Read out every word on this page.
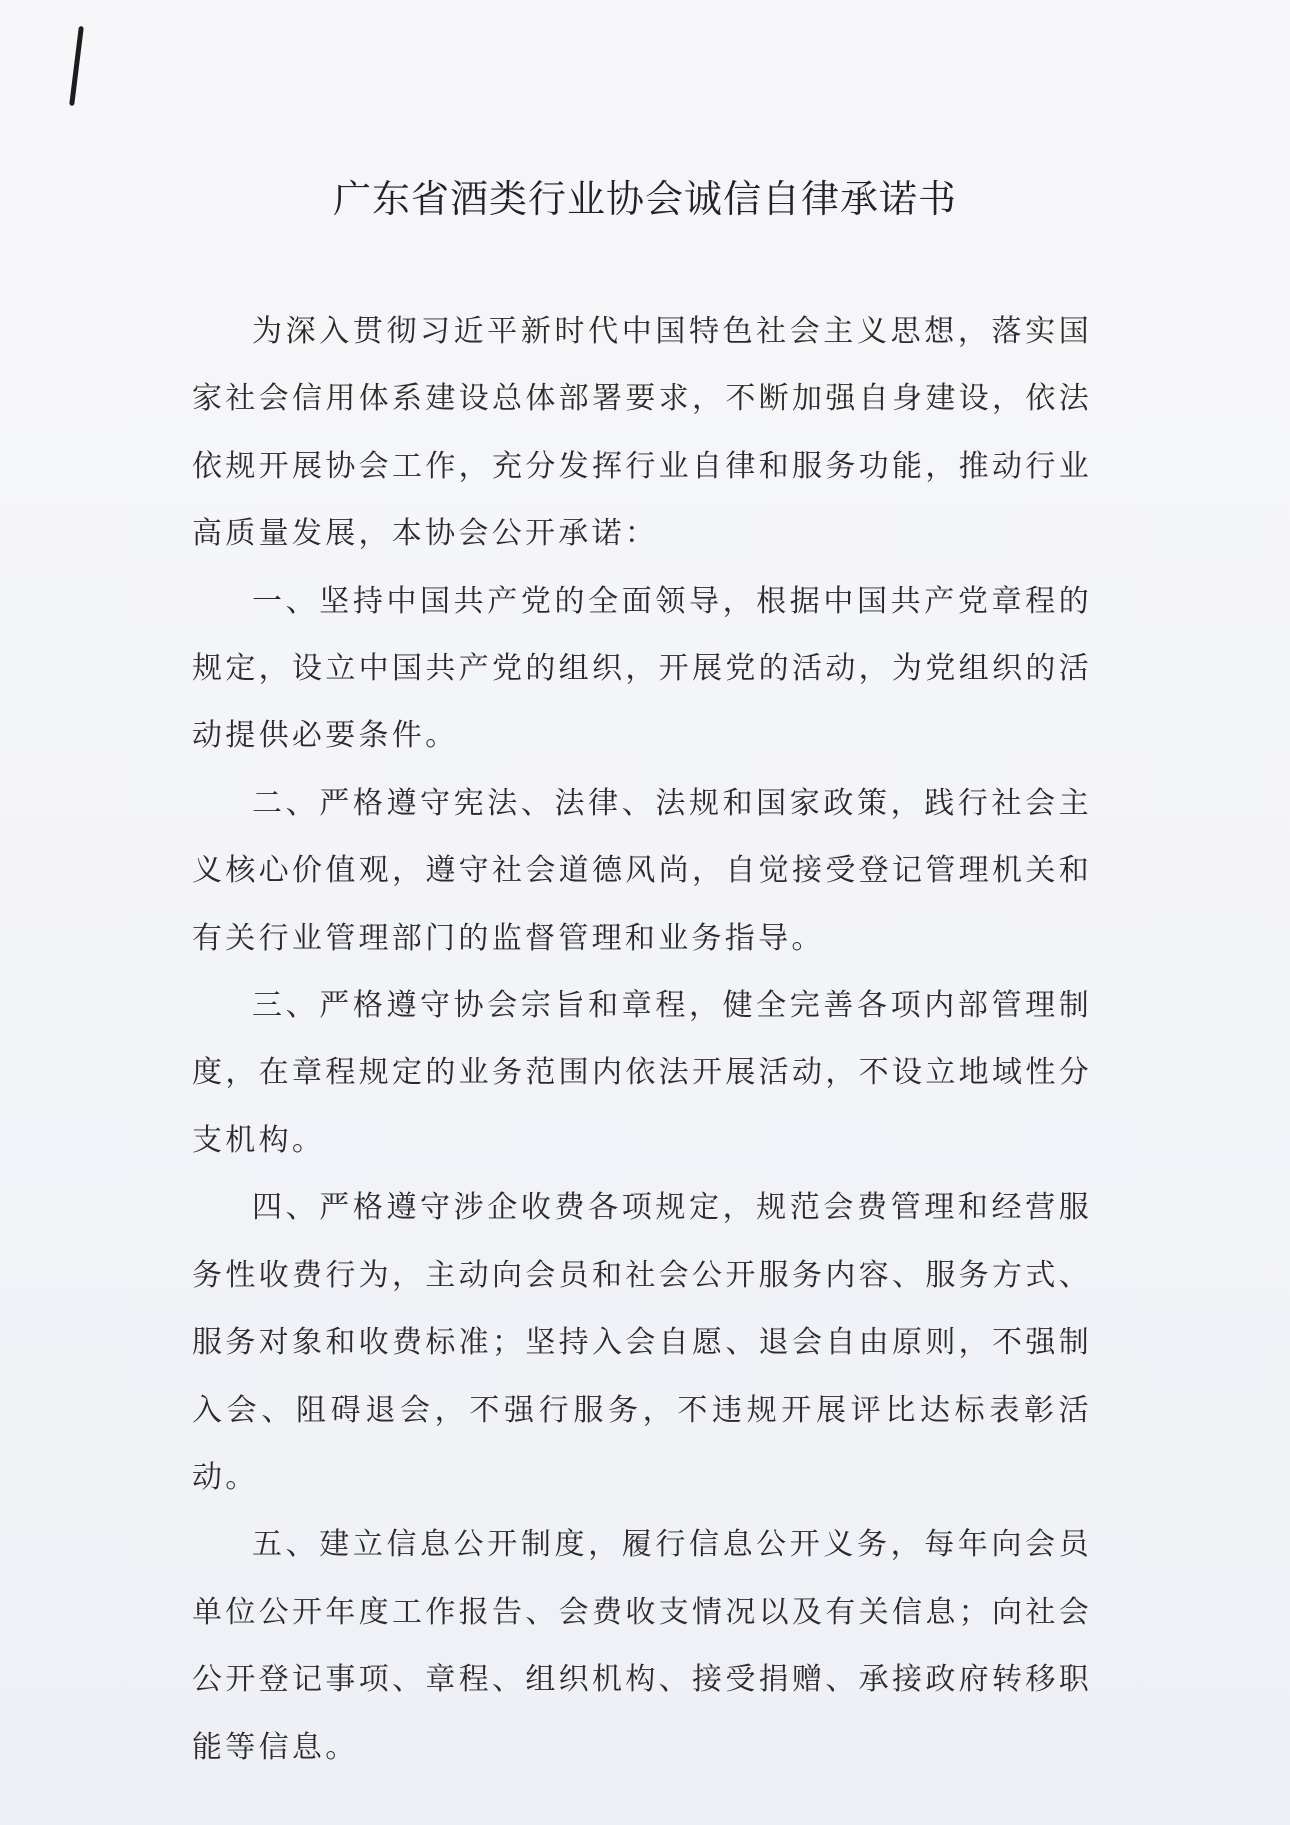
广东省酒类行业协会诚信自律承诺书

为深入贯彻习近平新时代中国特色社会主义思想，落实国家社会信用体系建设总体部署要求，不断加强自身建设，依法依规开展协会工作，充分发挥行业自律和服务功能，推动行业高质量发展，本协会公开承诺：

一、坚持中国共产党的全面领导，根据中国共产党章程的规定，设立中国共产党的组织，开展党的活动，为党组织的活动提供必要条件。

二、严格遵守宪法、法律、法规和国家政策，践行社会主义核心价值观，遵守社会道德风尚，自觉接受登记管理机关和有关行业管理部门的监督管理和业务指导。

三、严格遵守协会宗旨和章程，健全完善各项内部管理制度，在章程规定的业务范围内依法开展活动，不设立地域性分支机构。

四、严格遵守涉企收费各项规定，规范会费管理和经营服务性收费行为，主动向会员和社会公开服务内容、服务方式、服务对象和收费标准；坚持入会自愿、退会自由原则，不强制入会、阻碍退会，不强行服务，不违规开展评比达标表彰活动。

五、建立信息公开制度，履行信息公开义务，每年向会员单位公开年度工作报告、会费收支情况以及有关信息；向社会公开登记事项、章程、组织机构、接受捐赠、承接政府转移职能等信息。
